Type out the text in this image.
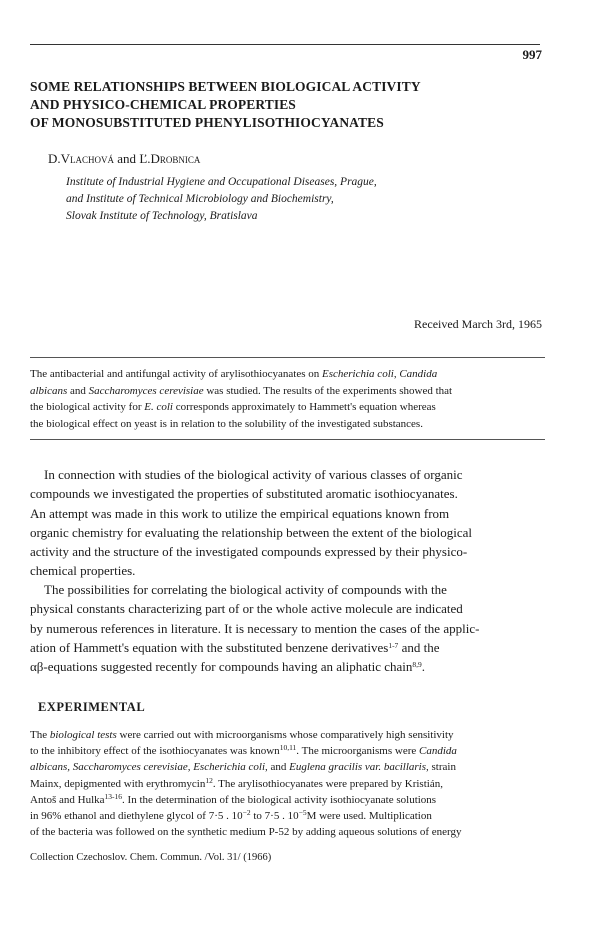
997
SOME RELATIONSHIPS BETWEEN BIOLOGICAL ACTIVITY
AND PHYSICO-CHEMICAL PROPERTIES
OF MONOSUBSTITUTED PHENYLISOTHIOCYANATES
D.Vlachová and Ľ.Drobnica
Institute of Industrial Hygiene and Occupational Diseases, Prague,
and Institute of Technical Microbiology and Biochemistry,
Slovak Institute of Technology, Bratislava
Received March 3rd, 1965
The antibacterial and antifungal activity of arylisothiocyanates on Escherichia coli, Candida
albicans and Saccharomyces cerevisiae was studied. The results of the experiments showed that
the biological activity for E. coli corresponds approximately to Hammett's equation whereas
the biological effect on yeast is in relation to the solubility of the investigated substances.
In connection with studies of the biological activity of various classes of organic
compounds we investigated the properties of substituted aromatic isothiocyanates.
An attempt was made in this work to utilize the empirical equations known from
organic chemistry for evaluating the relationship between the extent of the biological
activity and the structure of the investigated compounds expressed by their physico-
chemical properties.
The possibilities for correlating the biological activity of compounds with the
physical constants characterizing part of or the whole active molecule are indicated
by numerous references in literature. It is necessary to mention the cases of the applic-
ation of Hammett's equation with the substituted benzene derivatives$^{1-7}$ and the
αβ-equations suggested recently for compounds having an aliphatic chain$^{8,9}$.
EXPERIMENTAL
The biological tests were carried out with microorganisms whose comparatively high sensitivity
to the inhibitory effect of the isothiocyanates was known$^{10,11}$. The microorganisms were Candida
albicans, Saccharomyces cerevisiae, Escherichia coli, and Euglena gracilis var. bacillaris, strain
Mainx, depigmented with erythromycin$^{12}$. The arylisothiocyanates were prepared by Kristián,
Antoš and Hulka$^{13-16}$. In the determination of the biological activity isothiocyanate solutions
in 96% ethanol and diethylene glycol of 7·5 . $10^{-2}$ to 7·5 . $10^{-5}M$ were used. Multiplication
of the bacteria was followed on the synthetic medium P-52 by adding aqueous solutions of energy
Collection Czechoslov. Chem. Commun. /Vol. 31/ (1966)
